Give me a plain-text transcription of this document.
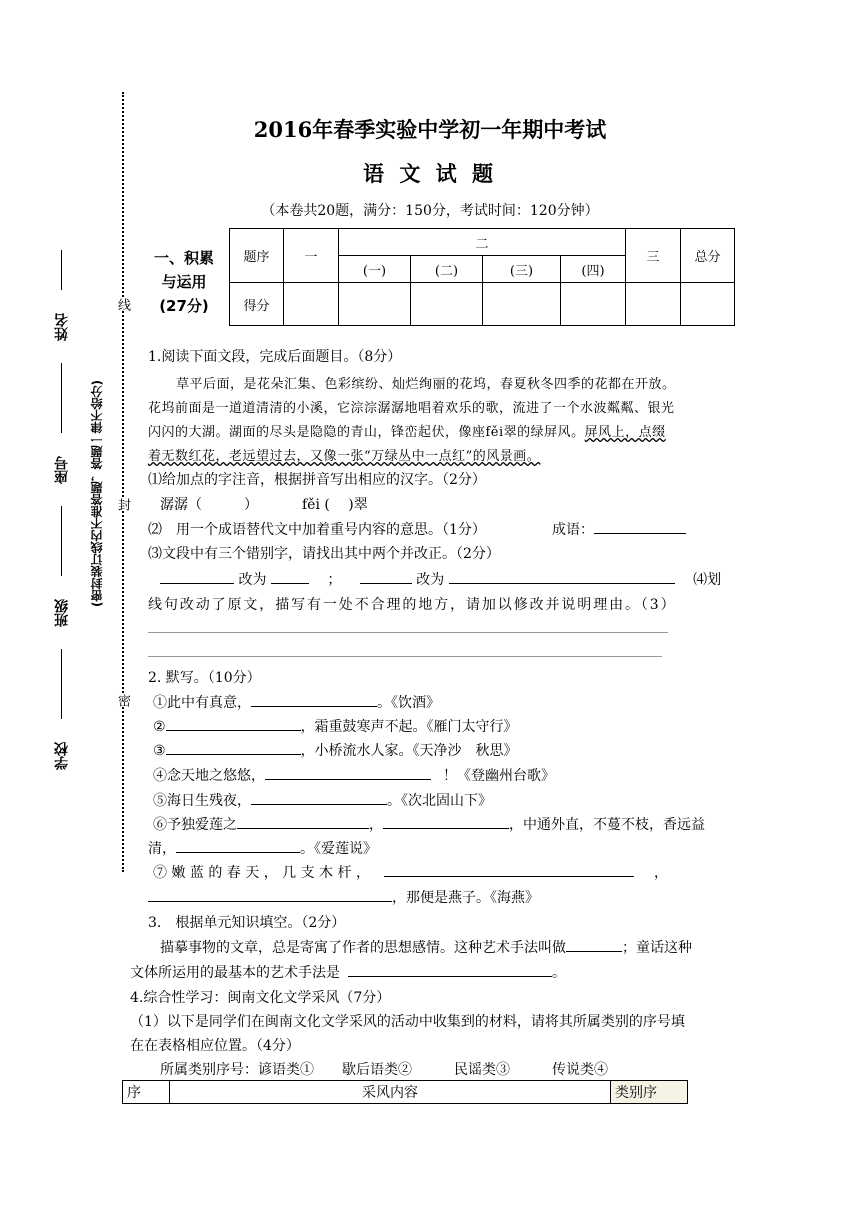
线
封
密
学校
班级
座号
姓名
(密封装订线内不准答题，答题一律不给分)
2016年春季实验中学初一年期中考试
语 文 试 题
（本卷共20题，满分：150分，考试时间：120分钟）
一、积累
与运用
(27分)
题序	一	二				三	总分
		(一)	(二)	(三)	(四)		
得分							
1.阅读下面文段，完成后面题目。（8分）
草平后面，是花朵汇集、色彩缤纷、灿烂绚丽的花坞，春夏秋冬四季的花都在开放。
花坞前面是一道道清清的小溪，它淙淙潺潺地唱着欢乐的歌，流进了一个水波粼粼、银光
闪闪的大湖。湖面的尽头是隐隐的青山，锋峦起伏，像座fěi翠的绿屏风。屏风上，点缀
着无数红花，老远望过去，又像一张“万绿丛中一点红”的风景画。
⑴给加点的字注音，根据拼音写出相应的汉字。（2分）
潺潺（　　　）	fěi (　 )翠
⑵　用一个成语替代文中加着重号内容的意思。（1分）	成语：
⑶文段中有三个错别字，请找出其中两个并改正。（2分）
改为	；	改为	⑷划
线句改动了原文，描写有一处不合理的地方，请加以修改并说明理由。（3）
2. 默写。（10分）
①此中有真意，	。《饮酒》
②	，霜重鼓寒声不起。《雁门太守行》
③	，小桥流水人家。《天净沙　秋思》
④念天地之悠悠，	！《登幽州台歌》
⑤海日生残夜，	。《次北固山下》
⑥予独爱莲之	，	，中通外直，不蔓不枝，香远益
清，	。《爱莲说》
⑦ 嫩 蓝 的 春 天 ， 几 支 木 杆 ，	，
，那便是燕子。《海燕》
3.　根据单元知识填空。（2分）
描摹事物的文章，总是寄寓了作者的思想感情。这种艺术手法叫做	；童话这种
文体所运用的最基本的艺术手法是	。
4.综合性学习：闽南文化文学采风（7分）
（1）以下是同学们在闽南文化文学采风的活动中收集到的材料，请将其所属类别的序号填
在在表格相应位置。（4分）
所属类别序号：谚语类①　　歇后语类②　　　民谣类③　　　传说类④
序	采风内容	类别序
